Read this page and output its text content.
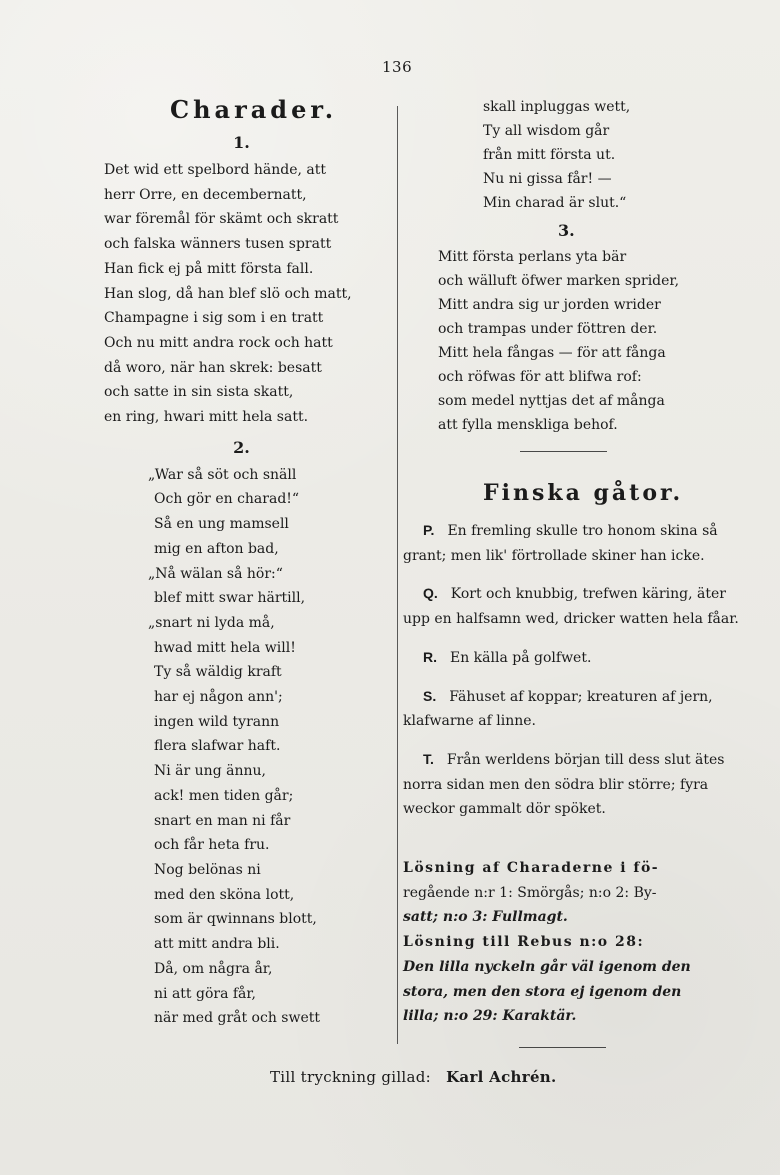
136
Charader.
1.
Det wid ett spelbord hände, att
herr Orre, en decembernatt,
war föremål för skämt och skratt
och falska wänners tusen spratt
Han fick ej på mitt första fall.
Han slog, då han blef slö och matt,
Champagne i sig som i en tratt
Och nu mitt andra rock och hatt
då woro, när han skrek: besatt
och satte in sin sista skatt,
en ring, hwari mitt hela satt.
2.
„War så söt och snäll
Och gör en charad!“
Så en ung mamsell
mig en afton bad,
„Nå wälan så hör:“
blef mitt swar härtill,
„snart ni lyda må,
hwad mitt hela will!
Ty så wäldig kraft
har ej någon ann';
ingen wild tyrann
flera slafwar haft.
Ni är ung ännu,
ack! men tiden går;
snart en man ni får
och får heta fru.
Nog belönas ni
med den sköna lott,
som är qwinnans blott,
att mitt andra bli.
Då, om några år,
ni att göra får,
när med gråt och swett
skall inpluggas wett,
Ty all wisdom går
från mitt första ut.
Nu ni gissa får! —
Min charad är slut.“
3.
Mitt första perlans yta bär
och wälluft öfwer marken sprider,
Mitt andra sig ur jorden wrider
och trampas under föttren der.
Mitt hela fångas — för att fånga
och röfwas för att blifwa rof:
som medel nyttjas det af många
att fylla menskliga behof.
Finska gåtor.
P. En fremling skulle tro honom skina så
grant; men lik' förtrollade skiner han icke.
Q. Kort och knubbig, trefwen käring, äter
upp en halfsamn wed, dricker watten hela fåar.
R. En källa på golfwet.
S. Fähuset af koppar; kreaturen af jern,
klafwarne af linne.
T. Från werldens början till dess slut ätes
norra sidan men den södra blir större; fyra
weckor gammalt dör spöket.
Lösning af Charaderne i fö-
regående n:r 1: Smörgås; n:o 2: By-
satt; n:o 3: Fullmagt.
Lösning till Rebus n:o 28:
Den lilla nyckeln går väl igenom den
stora, men den stora ej igenom den
lilla; n:o 29: Karaktär.
Till tryckning gillad: Karl Achrén.
